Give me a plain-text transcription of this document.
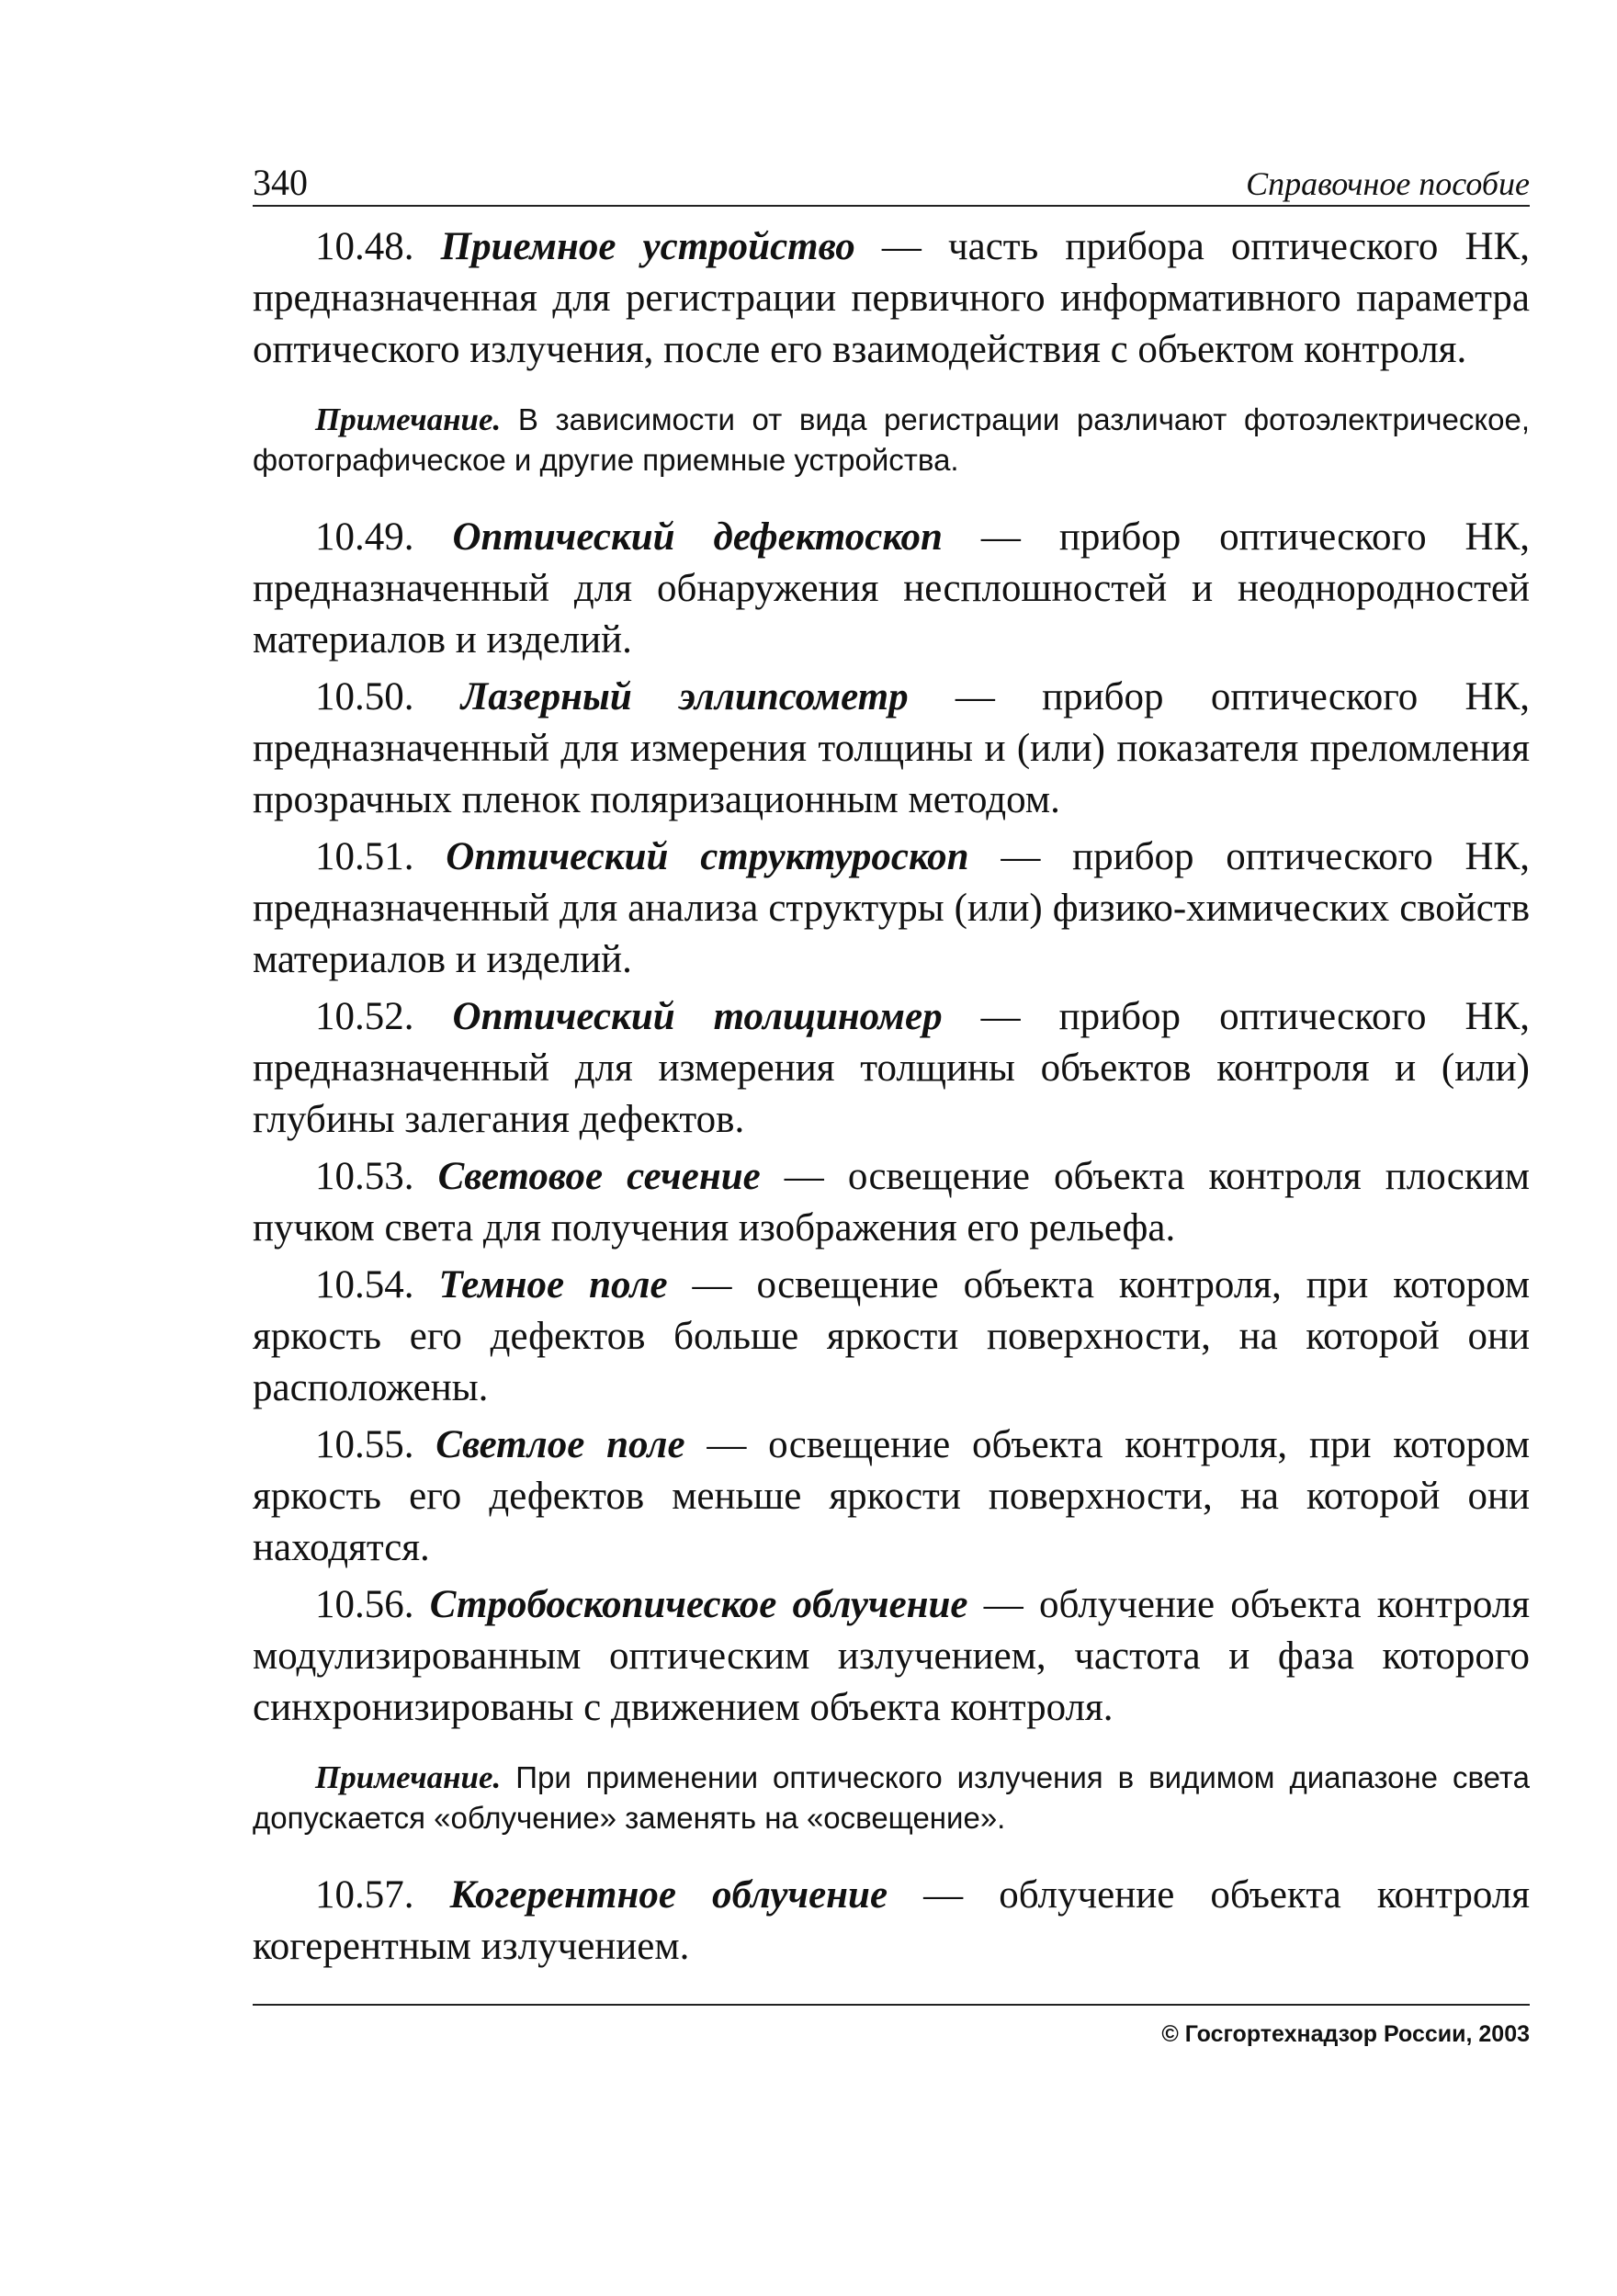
340	Справочное пособие

10.48. Приемное устройство — часть прибора оптического НК, предназначенная для регистрации первичного информативного параметра оптического излучения, после его взаимодействия с объектом контроля.

Примечание. В зависимости от вида регистрации различают фотоэлектрическое, фотографическое и другие приемные устройства.

10.49. Оптический дефектоскоп — прибор оптического НК, предназначенный для обнаружения несплошностей и неоднородностей материалов и изделий.

10.50. Лазерный эллипсометр — прибор оптического НК, предназначенный для измерения толщины и (или) показателя преломления прозрачных пленок поляризационным методом.

10.51. Оптический структуроскоп — прибор оптического НК, предназначенный для анализа структуры (или) физико-химических свойств материалов и изделий.

10.52. Оптический толщиномер — прибор оптического НК, предназначенный для измерения толщины объектов контроля и (или) глубины залегания дефектов.

10.53. Световое сечение — освещение объекта контроля плоским пучком света для получения изображения его рельефа.

10.54. Темное поле — освещение объекта контроля, при котором яркость его дефектов больше яркости поверхности, на которой они расположены.

10.55. Светлое поле — освещение объекта контроля, при котором яркость его дефектов меньше яркости поверхности, на которой они находятся.

10.56. Стробоскопическое облучение — облучение объекта контроля модулизированным оптическим излучением, частота и фаза которого синхронизированы с движением объекта контроля.

Примечание. При применении оптического излучения в видимом диапазоне света допускается «облучение» заменять на «освещение».

10.57. Когерентное облучение — облучение объекта контроля когерентным излучением.

© Госгортехнадзор России, 2003
